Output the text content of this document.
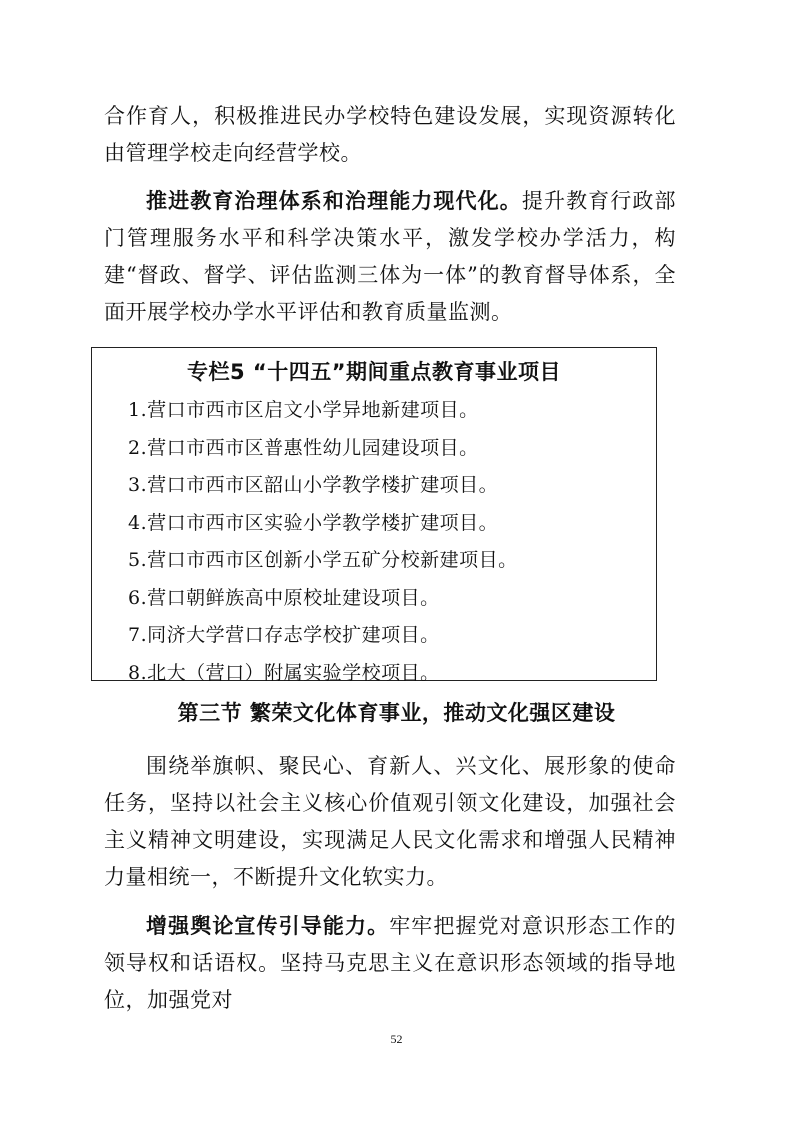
合作育人，积极推进民办学校特色建设发展，实现资源转化由管理学校走向经营学校。

推进教育治理体系和治理能力现代化。提升教育行政部门管理服务水平和科学决策水平，激发学校办学活力，构建“督政、督学、评估监测三体为一体”的教育督导体系，全面开展学校办学水平评估和教育质量监测。

专栏5 “十四五”期间重点教育事业项目

1.营口市西市区启文小学异地新建项目。
2.营口市西市区普惠性幼儿园建设项目。
3.营口市西市区韶山小学教学楼扩建项目。
4.营口市西市区实验小学教学楼扩建项目。
5.营口市西市区创新小学五矿分校新建项目。
6.营口朝鲜族高中原校址建设项目。
7.同济大学营口存志学校扩建项目。
8.北大（营口）附属实验学校项目。

第三节 繁荣文化体育事业，推动文化强区建设

围绕举旗帜、聚民心、育新人、兴文化、展形象的使命任务，坚持以社会主义核心价值观引领文化建设，加强社会主义精神文明建设，实现满足人民文化需求和增强人民精神力量相统一，不断提升文化软实力。

增强舆论宣传引导能力。牢牢把握党对意识形态工作的领导权和话语权。坚持马克思主义在意识形态领域的指导地位，加强党对

52
